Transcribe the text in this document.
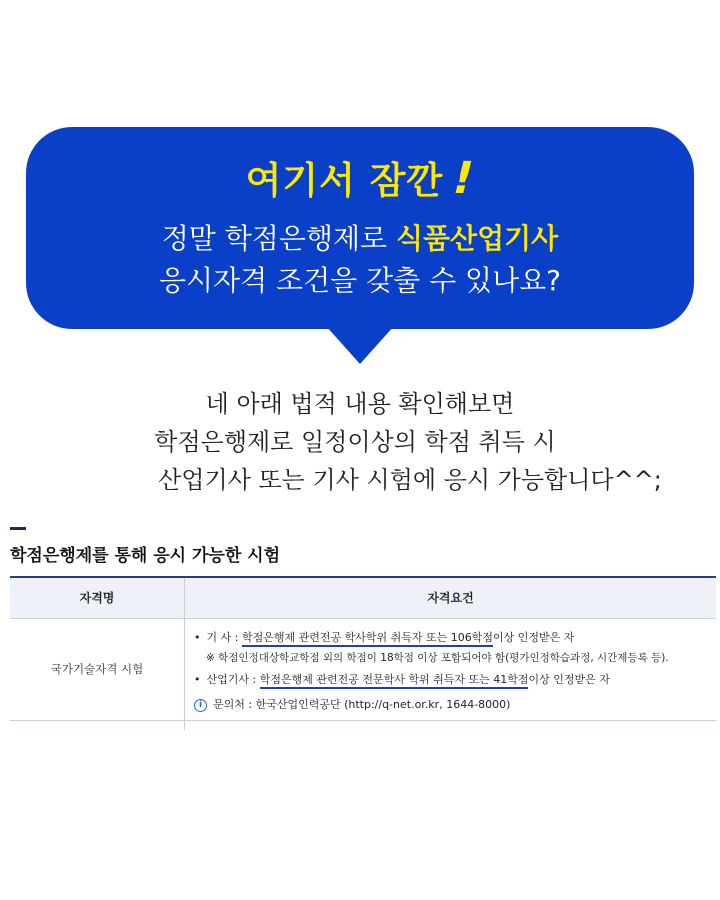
여기서 잠깐!
정말 학점은행제로 식품산업기사
응시자격 조건을 갖출 수 있나요?
네 아래 법적 내용 확인해보면
학점은행제로 일정이상의 학점 취득 시
산업기사 또는 기사 시험에 응시 가능합니다^^;
학점은행제를 통해 응시 가능한 시험
자격명	자격요건
국가기술자격 시험
• 기 사 : 학점은행제 관련전공 학사학위 취득자 또는 106학점이상 인정받은 자
※ 학점인정대상학교학점 외의 학점이 18학점 이상 포함되어야 함(평가인정학습과정, 시간제등록 등).
• 산업기사 : 학점은행제 관련전공 전문학사 학위 취득자 또는 41학점이상 인정받은 자
i 문의처 : 한국산업인력공단 (http://q-net.or.kr, 1644-8000)
